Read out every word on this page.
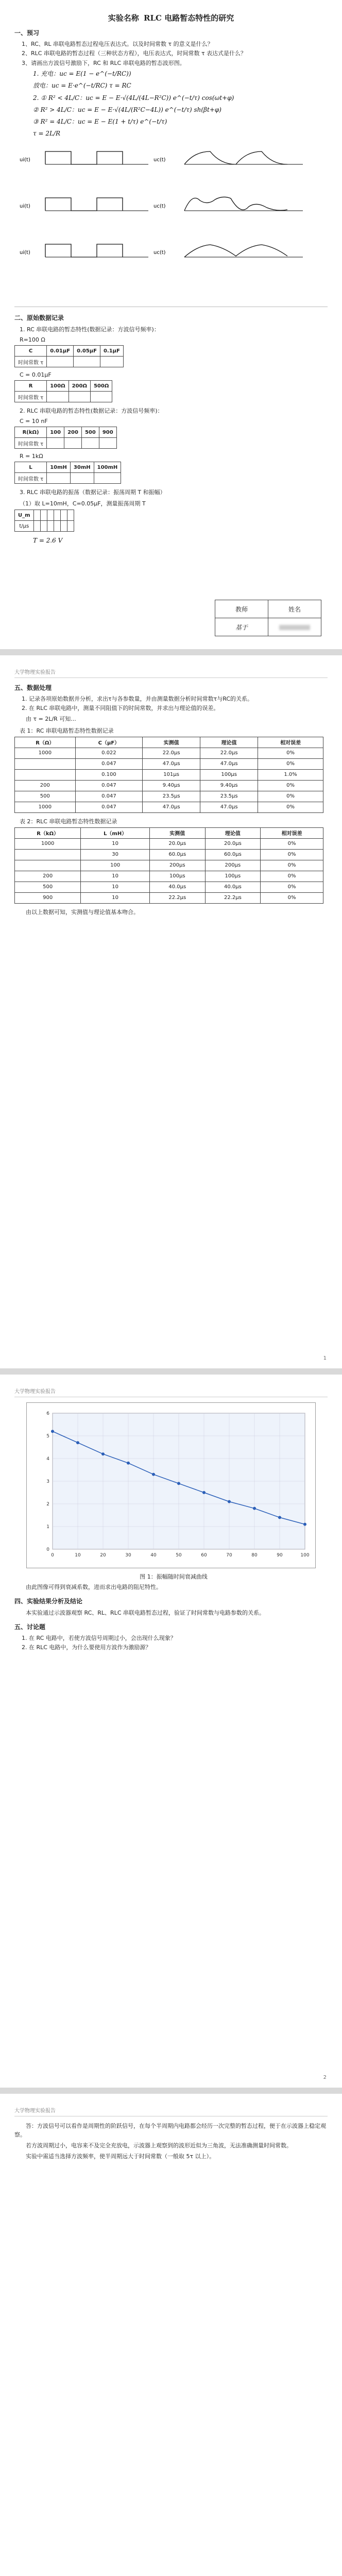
实验名称 RLC 电路暂态特性的研究
一、预习
1、RC、RL 串联电路暂态过程电压表达式。以及时间常数 τ 的意义是什么？
2、RLC 串联电路的暂态过程（三种状态方程），电压表达式，时间常数 τ 表达式是什么？
3、请画出方波信号激励下，RC 和 RLC 串联电路的暂态波形图。
1. 充电：uc = E(1 − e^(−t/RC))
放电：uc = E·e^(−t/RC) τ = RC
2. ① R² < 4L/C：uc = E − E·√(4L/(4L−R²C)) e^(−t/τ) cos(ωt+φ)
② R² > 4L/C：uc = E − E·√(4L/(R²C−4L)) e^(−t/τ) sh(βt+φ)
③ R² = 4L/C：uc = E − E(1 + t/τ) e^(−t/τ)
τ = 2L/R
ui(t)	uc(t)
ui(t)	uc(t)
ui(t)	uc(t)
二、原始数据记录
1. RC 串联电路的暂态特性(数据记录：方波信号频率)：
R=100 Ω
C	0.01μF	0.05μF	0.1μF
时间常数 τ			
C = 0.01μF
R	100Ω	200Ω	500Ω
时间常数 τ			
2. RLC 串联电路的暂态特性(数据记录：方波信号频率)：
C = 10 nF
R(kΩ)	100	200	500	900
时间常数 τ				
R = 1kΩ
L	10mH	30mH	100mH
时间常数 τ			
3. RLC 串联电路的振荡（数据记录：振荡周期 T 和振幅）
（1）取 L=10mH，C=0.05μF，测量振荡周期 T
U_m						
t/μs						
T = 2.6 V
教师	姓名
基于	
大学物理实验报告
五、数据处理
1. 记录各项原始数据并分析，求出τ与各参数量，并由测量数据分析时间常数τ与RC的关系。
2. 在 RLC 串联电路中，测量不同阻值下的时间常数，并求出与理论值的误差。
由 τ = 2L/R 可知...
表 1：RC 串联电路暂态特性数据记录
R（Ω）	C（μF）	实测值	理论值	相对误差
1000	0.022	22.0μs	22.0μs	0%
	0.047	47.0μs	47.0μs	0%
	0.100	101μs	100μs	1.0%
200	0.047	9.40μs	9.40μs	0%
500	0.047	23.5μs	23.5μs	0%
1000	0.047	47.0μs	47.0μs	0%
表 2：RLC 串联电路暂态特性数据记录
R（kΩ）	L（mH）	实测值	理论值	相对误差
1000	10	20.0μs	20.0μs	0%
	30	60.0μs	60.0μs	0%
	100	200μs	200μs	0%
200	10	100μs	100μs	0%
500	10	40.0μs	40.0μs	0%
900	10	22.2μs	22.2μs	0%
由以上数据可知，实测值与理论值基本吻合。
1
大学物理实验报告
0	10	20	30	40	50	60	70	80	90	100
0
1
2
3
4
5
6
图 1：振幅随时间衰减曲线
由此图像可得到衰减系数，进而求出电路的阻尼特性。
四、实验结果分析及结论
本实验通过示波器观察 RC、RL、RLC 串联电路暂态过程，验证了时间常数与电路参数的关系。
五、讨论题
1. 在 RC 电路中，若使方波信号周期过小，会出现什么现象？
2. 在 RLC 电路中，为什么要使用方波作为激励源？
2
大学物理实验报告
答：方波信号可以看作是周期性的阶跃信号，在每个半周期内电路都会经历一次完整的暂态过程，便于在示波器上稳定观察。
若方波周期过小，电容来不及完全充放电，示波器上观察到的波形近似为三角波，无法准确测量时间常数。
实验中需适当选择方波频率，使半周期远大于时间常数（一般取 5τ 以上）。
